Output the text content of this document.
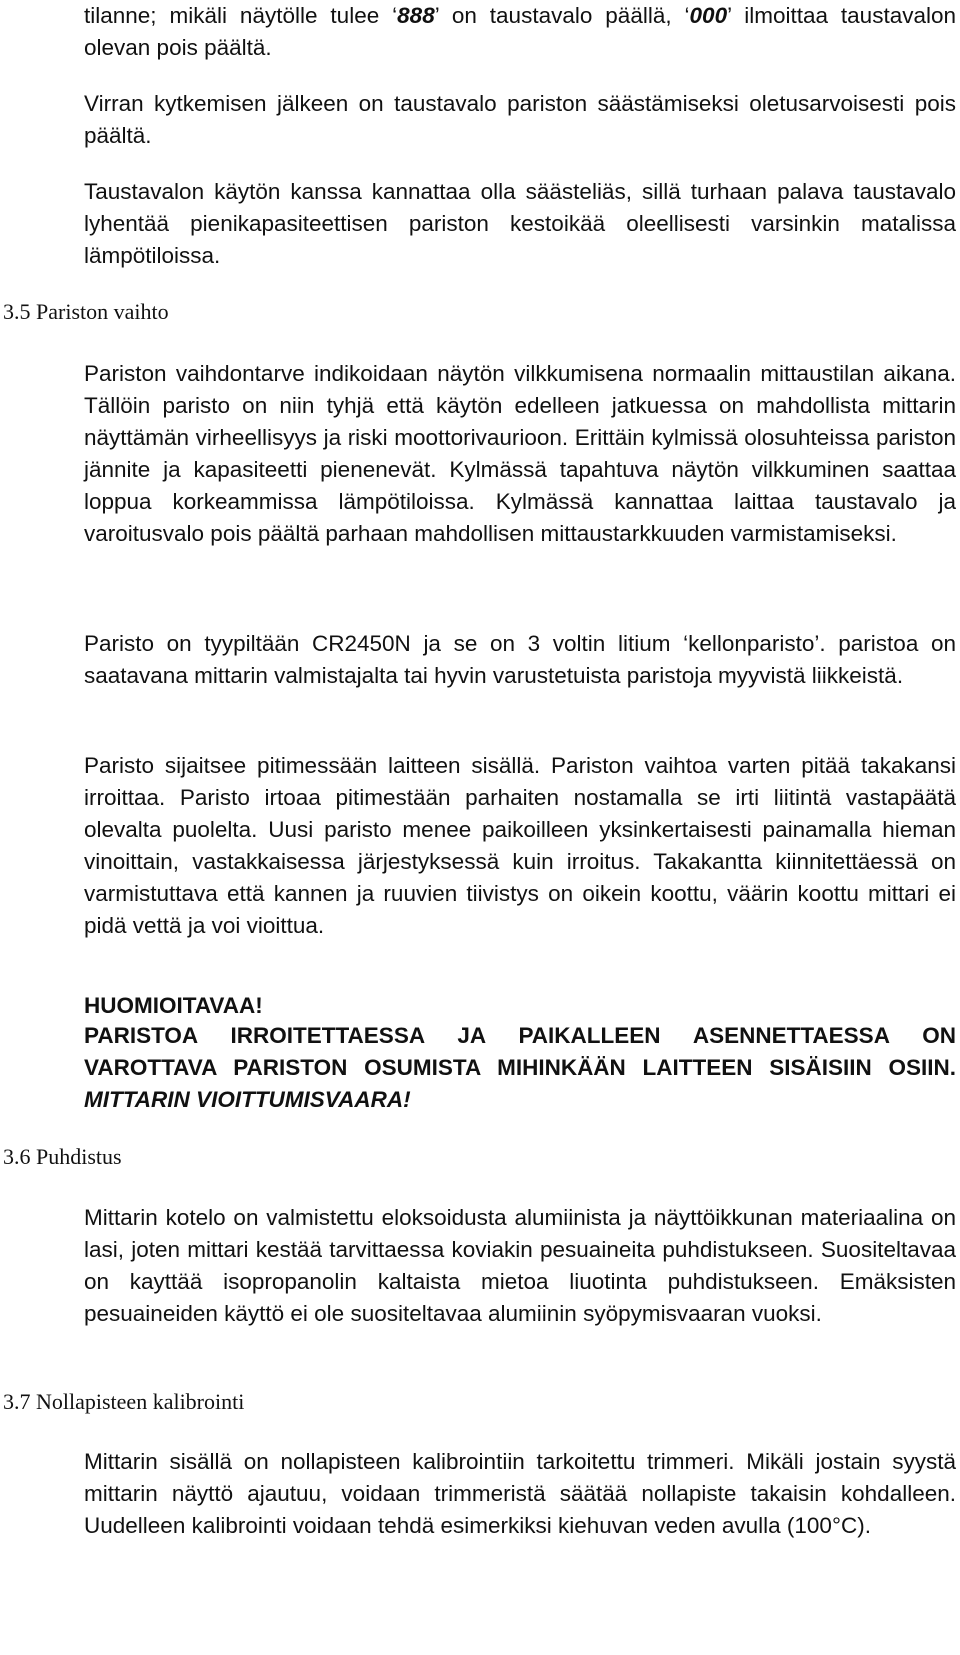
tilanne; mikäli näytölle tulee ‘888’ on taustavalo päällä, ‘000’ ilmoittaa taustavalon olevan pois päältä.

Virran kytkemisen jälkeen on taustavalo pariston säästämiseksi oletusarvoisesti pois päältä.

Taustavalon käytön kanssa kannattaa olla säästeliäs, sillä turhaan palava taustavalo lyhentää pienikapasiteettisen pariston kestoikää oleellisesti varsinkin matalissa lämpötiloissa.

3.5 Pariston vaihto

Pariston vaihdontarve indikoidaan näytön vilkkumisena normaalin mittaustilan aikana. Tällöin paristo on niin tyhjä että käytön edelleen jatkuessa on mahdollista mittarin näyttämän virheellisyys ja riski moottorivaurioon. Erittäin kylmissä olosuhteissa pariston jännite ja kapasiteetti pienenevät. Kylmässä tapahtuva näytön vilkkuminen saattaa loppua korkeammissa lämpötiloissa. Kylmässä kannattaa laittaa taustavalo ja varoitusvalo pois päältä parhaan mahdollisen mittaustarkkuuden varmistamiseksi.

Paristo on tyypiltään CR2450N ja se on 3 voltin litium ‘kellonparisto’. paristoa on saatavana mittarin valmistajalta tai hyvin varustetuista paristoja myyvistä liikkeistä.

Paristo sijaitsee pitimessään laitteen sisällä. Pariston vaihtoa varten pitää takakansi irroittaa. Paristo irtoaa pitimestään parhaiten nostamalla se irti liitintä vastapäätä olevalta puolelta. Uusi paristo menee paikoilleen yksinkertaisesti painamalla hieman vinoittain, vastakkaisessa järjestyksessä kuin irroitus. Takakantta kiinnitettäessä on varmistuttava että kannen ja ruuvien tiivistys on oikein koottu, väärin koottu mittari ei pidä vettä ja voi vioittua.

HUOMIOITAVAA!

PARISTOA IRROITETTAESSA JA PAIKALLEEN ASENNETTAESSA ON VAROTTAVA PARISTON OSUMISTA MIHINKÄÄN LAITTEEN SISÄISIIN OSIIN. MITTARIN VIOITTUMISVAARA!

3.6 Puhdistus

Mittarin kotelo on valmistettu eloksoidusta alumiinista ja näyttöikkunan materiaalina on lasi, joten mittari kestää tarvittaessa koviakin pesuaineita puhdistukseen. Suositeltavaa on kayttää isopropanolin kaltaista mietoa liuotinta puhdistukseen. Emäksisten pesuaineiden käyttö ei ole suositeltavaa alumiinin syöpymisvaaran vuoksi.

3.7 Nollapisteen kalibrointi

Mittarin sisällä on nollapisteen kalibrointiin tarkoitettu trimmeri. Mikäli jostain syystä mittarin näyttö ajautuu, voidaan trimmeristä säätää nollapiste takaisin kohdalleen. Uudelleen kalibrointi voidaan tehdä esimerkiksi kiehuvan veden avulla (100°C).
